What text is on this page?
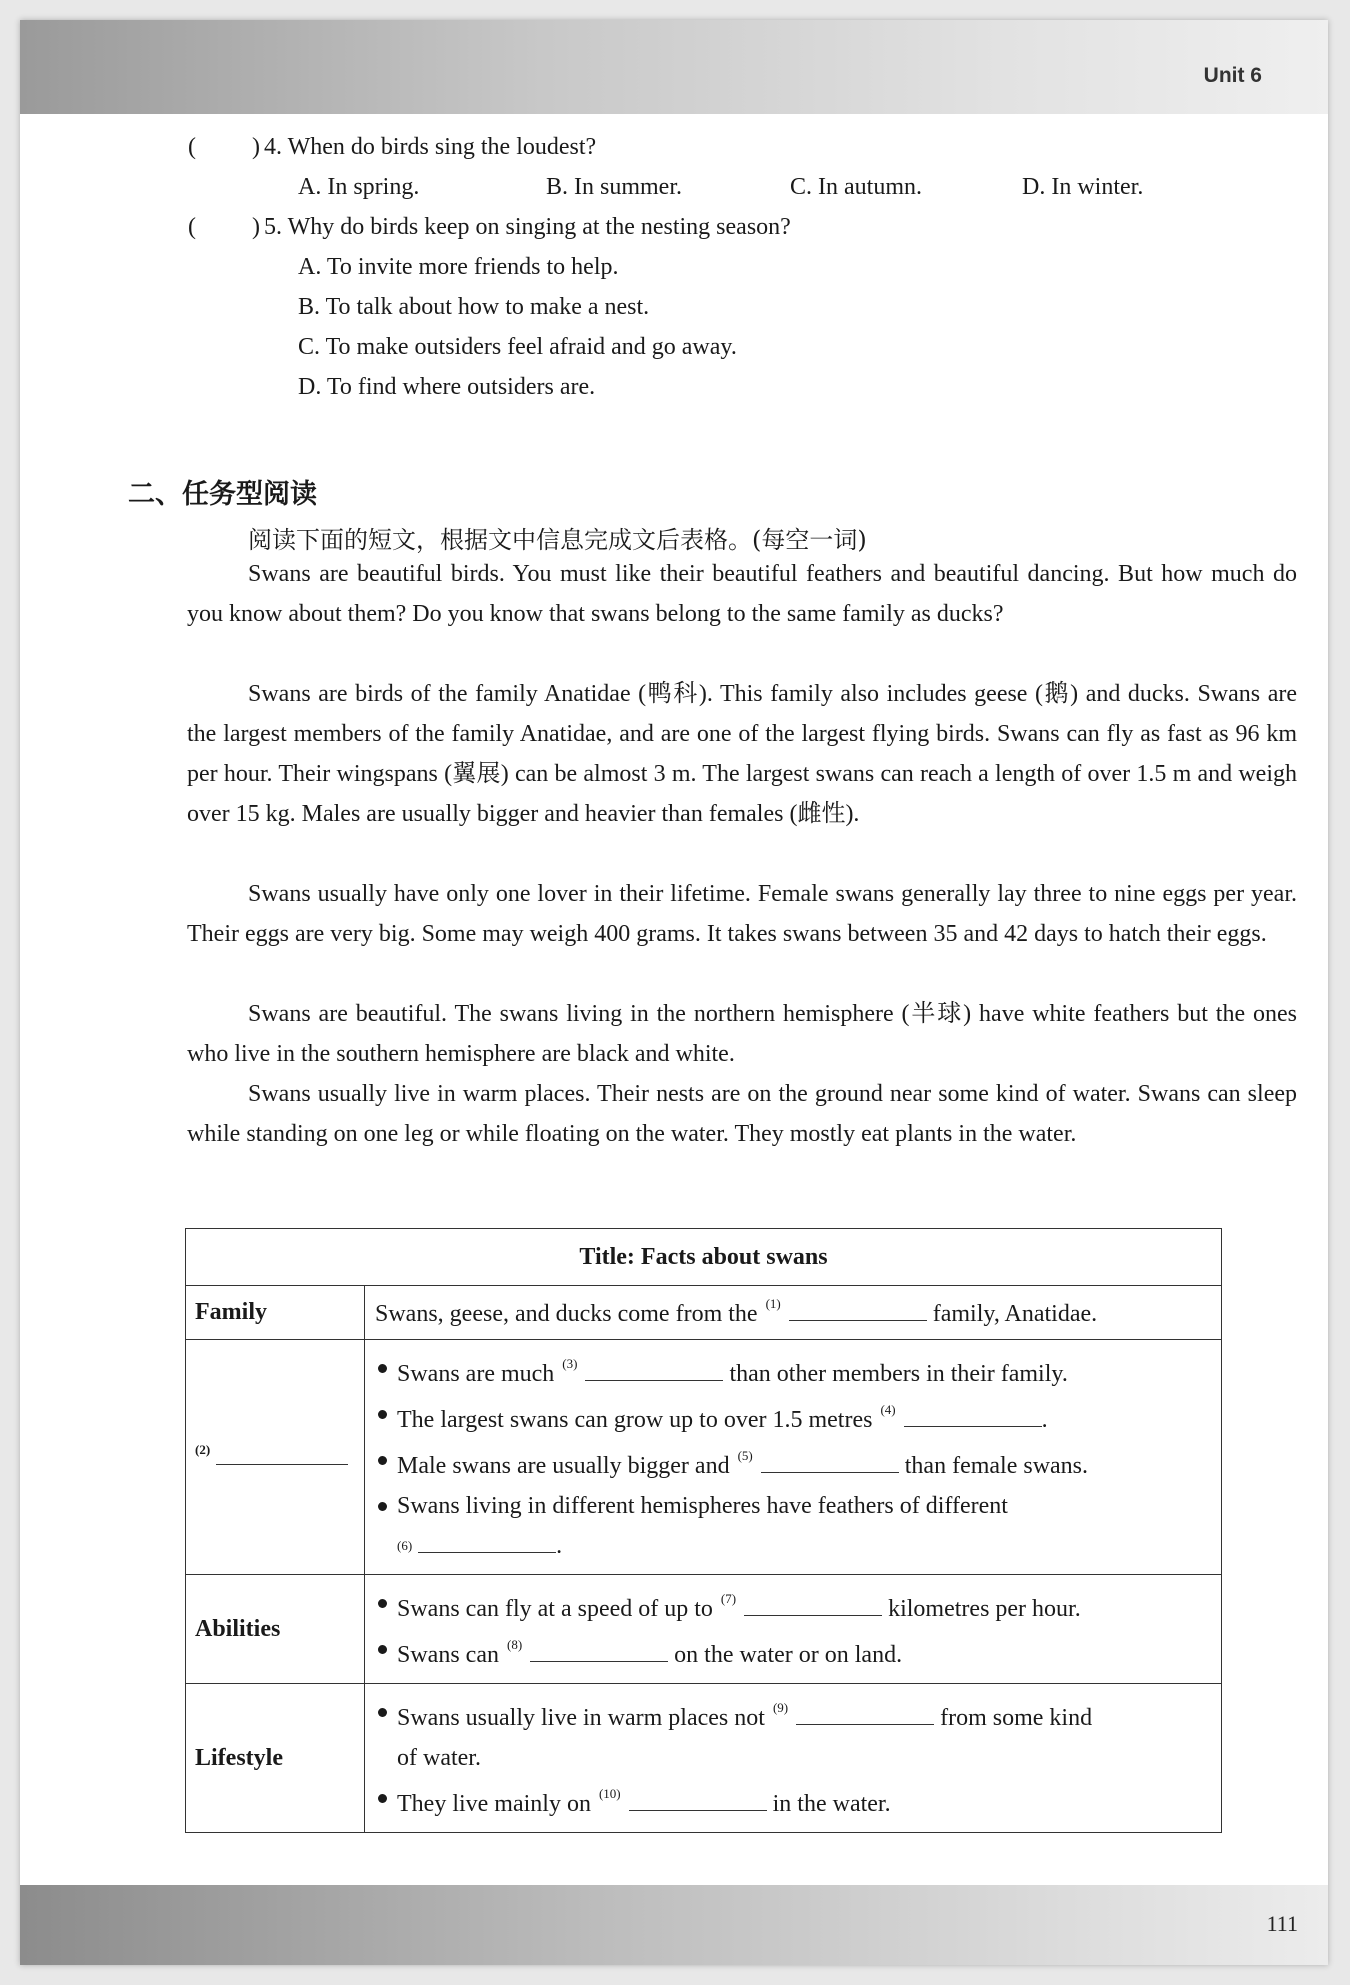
Unit 6
( ) 4. When do birds sing the loudest?
A. In spring.	B. In summer.	C. In autumn.	D. In winter.
( ) 5. Why do birds keep on singing at the nesting season?
A. To invite more friends to help.
B. To talk about how to make a nest.
C. To make outsiders feel afraid and go away.
D. To find where outsiders are.
二、任务型阅读
阅读下面的短文，根据文中信息完成文后表格。(每空一词)

Swans are beautiful birds. You must like their beautiful feathers and beautiful dancing. But how much do you know about them? Do you know that swans belong to the same family as ducks?

Swans are birds of the family Anatidae (鸭科). This family also includes geese (鹅) and ducks. Swans are the largest members of the family Anatidae, and are one of the largest flying birds. Swans can fly as fast as 96 km per hour. Their wingspans (翼展) can be almost 3 m. The largest swans can reach a length of over 1.5 m and weigh over 15 kg. Males are usually bigger and heavier than females (雌性).

Swans usually have only one lover in their lifetime. Female swans generally lay three to nine eggs per year. Their eggs are very big. Some may weigh 400 grams. It takes swans between 35 and 42 days to hatch their eggs.

Swans are beautiful. The swans living in the northern hemisphere (半球) have white feathers but the ones who live in the southern hemisphere are black and white.

Swans usually live in warm places. Their nests are on the ground near some kind of water. Swans can sleep while standing on one leg or while floating on the water. They mostly eat plants in the water.

Title: Facts about swans	
Family	Swans, geese, and ducks come from the $^{(1)}$ family, Anatidae.
$^{(2)}$	Swans are much $^{(3)}$ than other members in their family.
The largest swans can grow up to over 1.5 metres $^{(4)}$ .
Male swans are usually bigger and $^{(5)}$ than female swans.
Swans living in different hemispheres have feathers of different
$^{(6)}$ .

Abilities	Swans can fly at a speed of up to $^{(7)}$ kilometres per hour.
Swans can $^{(8)}$ on the water or on land.

Lifestyle	Swans usually live in warm places not $^{(9)}$ from some kind
of water.
They live mainly on $^{(10)}$ in the water.
111
